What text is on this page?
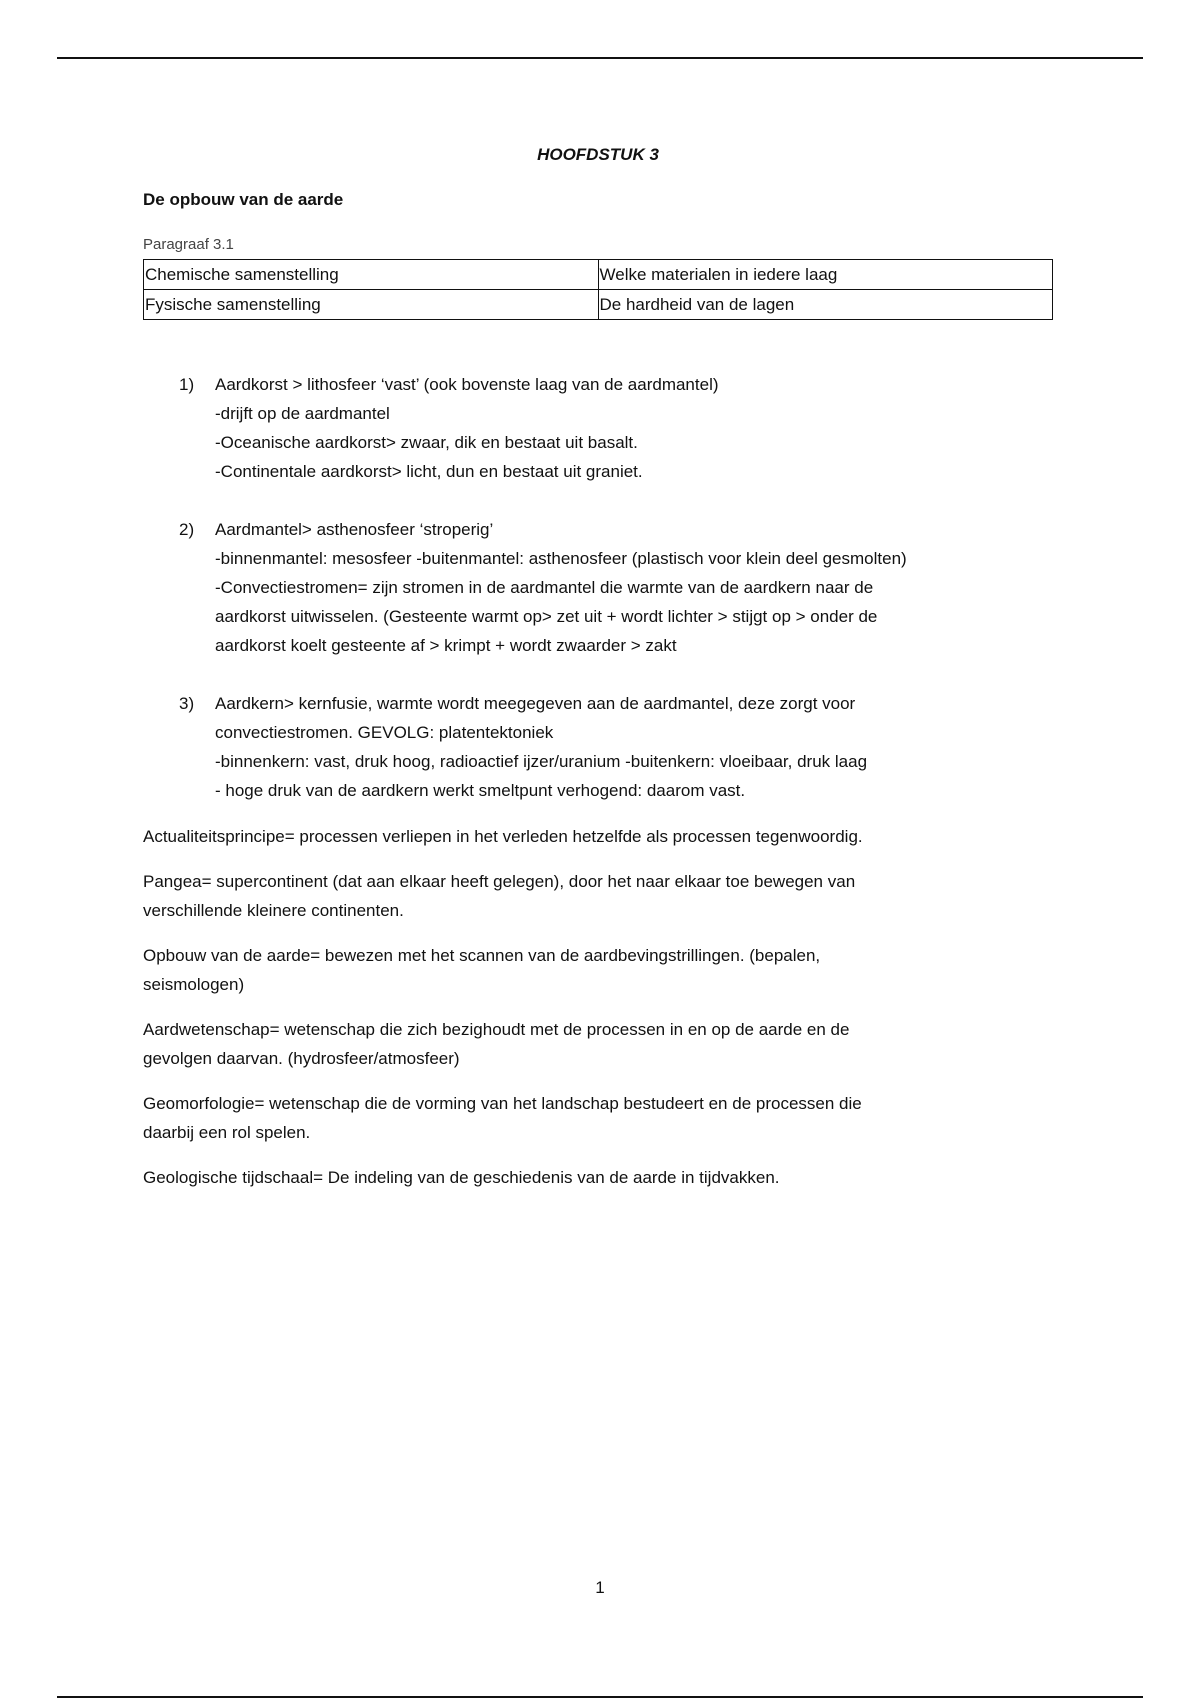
HOOFDSTUK 3
De opbouw van de aarde
Paragraaf 3.1
Chemische samenstelling	Welke materialen in iedere laag
Fysische samenstelling	De hardheid van de lagen
1) Aardkorst > lithosfeer ‘vast’ (ook bovenste laag van de aardmantel)
-drijft op de aardmantel
-Oceanische aardkorst> zwaar, dik en bestaat uit basalt.
-Continentale aardkorst> licht, dun en bestaat uit graniet.
2) Aardmantel> asthenosfeer ‘stroperig’
-binnenmantel: mesosfeer -buitenmantel: asthenosfeer (plastisch voor klein deel gesmolten)
-Convectiestromen= zijn stromen in de aardmantel die warmte van de aardkern naar de
aardkorst uitwisselen. (Gesteente warmt op> zet uit + wordt lichter > stijgt op > onder de
aardkorst koelt gesteente af > krimpt + wordt zwaarder > zakt
3) Aardkern> kernfusie, warmte wordt meegegeven aan de aardmantel, deze zorgt voor
convectiestromen. GEVOLG: platentektoniek
-binnenkern: vast, druk hoog, radioactief ijzer/uranium -buitenkern: vloeibaar, druk laag
- hoge druk van de aardkern werkt smeltpunt verhogend: daarom vast.

Actualiteitsprincipe= processen verliepen in het verleden hetzelfde als processen tegenwoordig.

Pangea= supercontinent (dat aan elkaar heeft gelegen), door het naar elkaar toe bewegen van
verschillende kleinere continenten.

Opbouw van de aarde= bewezen met het scannen van de aardbevingstrillingen. (bepalen,
seismologen)

Aardwetenschap= wetenschap die zich bezighoudt met de processen in en op de aarde en de
gevolgen daarvan. (hydrosfeer/atmosfeer)

Geomorfologie= wetenschap die de vorming van het landschap bestudeert en de processen die
daarbij een rol spelen.

Geologische tijdschaal= De indeling van de geschiedenis van de aarde in tijdvakken.

1
